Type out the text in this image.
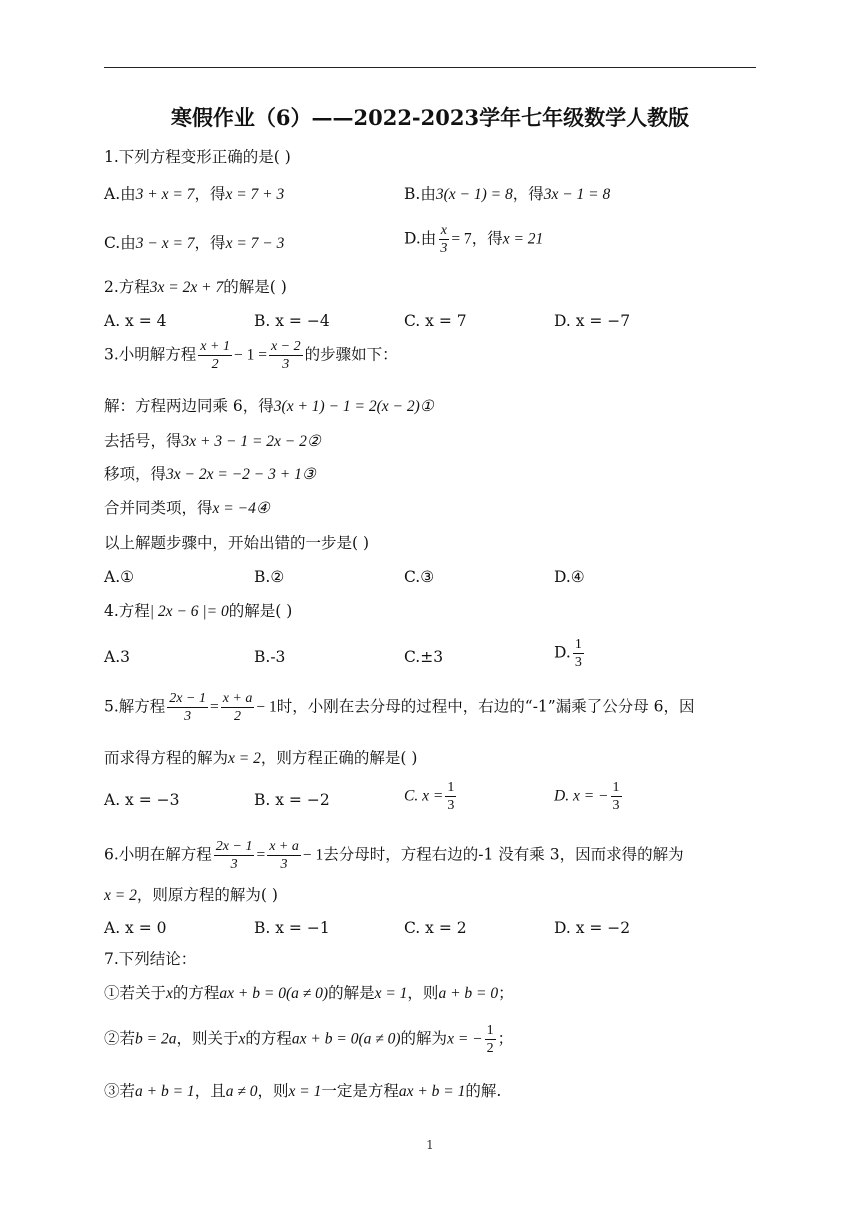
寒假作业（6）——2022-2023学年七年级数学人教版
1.下列方程变形正确的是( )
A.由3 + x = 7，得x = 7 + 3	B.由3(x − 1) = 8，得3x − 1 = 8
C.由3 − x = 7，得x = 7 − 3	D.由 $\frac{x}{3} = 7$，得x = 21
2.方程3x = 2x + 7的解是( )
A. x = 4	B. x = −4	C. x = 7	D. x = −7
3.小明解方程 $\frac{x + 1}{2} - 1 = \frac{x - 2}{3}$ 的步骤如下：
解：方程两边同乘 6，得3(x + 1) − 1 = 2(x − 2)①
去括号，得3x + 3 − 1 = 2x − 2②
移项，得3x − 2x = −2 − 3 + 1③
合并同类项，得x = −4④
以上解题步骤中，开始出错的一步是( )
A.①	B.②	C.③	D.④
4.方程| 2x − 6 |= 0的解是( )
A.3	B.-3	C.±3	D. $\frac{1}{3}$
5.解方程 $\frac{2x - 1}{3} = \frac{x + a}{2} - 1$时，小刚在去分母的过程中，右边的“-1”漏乘了公分母 6，因
而求得方程的解为x = 2，则方程正确的解是( )
A. x = −3	B. x = −2	C. $x = \frac{1}{3}$	D. x = − $\frac{1}{3}$
6.小明在解方程 $\frac{2x - 1}{3} = \frac{x + a}{3} - 1$去分母时，方程右边的-1 没有乘 3，因而求得的解为
x = 2，则原方程的解为( )
A. x = 0	B. x = −1	C. x = 2	D. x = −2
7.下列结论：
①若关于x的方程ax + b = 0(a ≠ 0)的解是x = 1，则a + b = 0；
②若b = 2a，则关于x的方程ax + b = 0(a ≠ 0)的解为x = − $\frac{1}{2}$ ；
③若a + b = 1，且a ≠ 0，则x = 1一定是方程ax + b = 1的解.
1
